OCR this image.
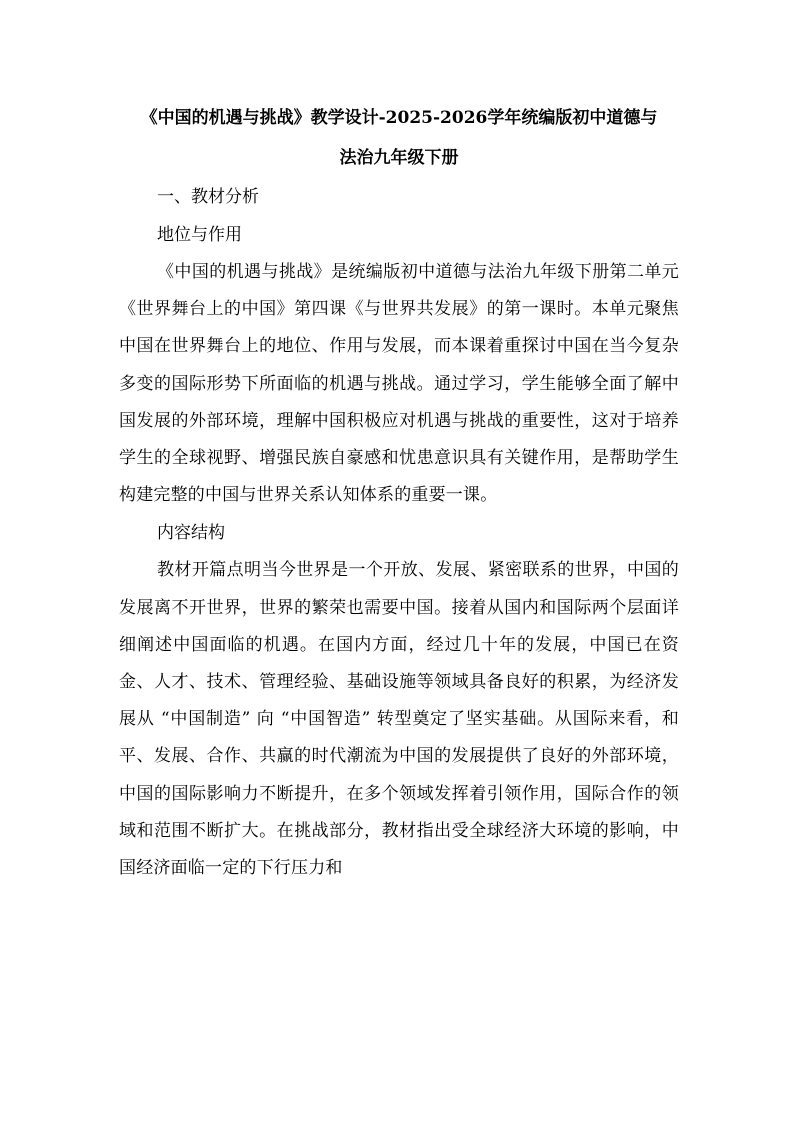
《中国的机遇与挑战》教学设计-2025-2026学年统编版初中道德与
法治九年级下册

一、教材分析

地位与作用

《中国的机遇与挑战》是统编版初中道德与法治九年级下册第二单元《世界舞台上的中国》第四课《与世界共发展》的第一课时。本单元聚焦中国在世界舞台上的地位、作用与发展，而本课着重探讨中国在当今复杂多变的国际形势下所面临的机遇与挑战。通过学习，学生能够全面了解中国发展的外部环境，理解中国积极应对机遇与挑战的重要性，这对于培养学生的全球视野、增强民族自豪感和忧患意识具有关键作用，是帮助学生构建完整的中国与世界关系认知体系的重要一课。

内容结构

教材开篇点明当今世界是一个开放、发展、紧密联系的世界，中国的发展离不开世界，世界的繁荣也需要中国。接着从国内和国际两个层面详细阐述中国面临的机遇。在国内方面，经过几十年的发展，中国已在资金、人才、技术、管理经验、基础设施等领域具备良好的积累，为经济发展从 “中国制造” 向 “中国智造” 转型奠定了坚实基础。从国际来看，和平、发展、合作、共赢的时代潮流为中国的发展提供了良好的外部环境，中国的国际影响力不断提升，在多个领域发挥着引领作用，国际合作的领域和范围不断扩大。在挑战部分，教材指出受全球经济大环境的影响，中国经济面临一定的下行压力和
